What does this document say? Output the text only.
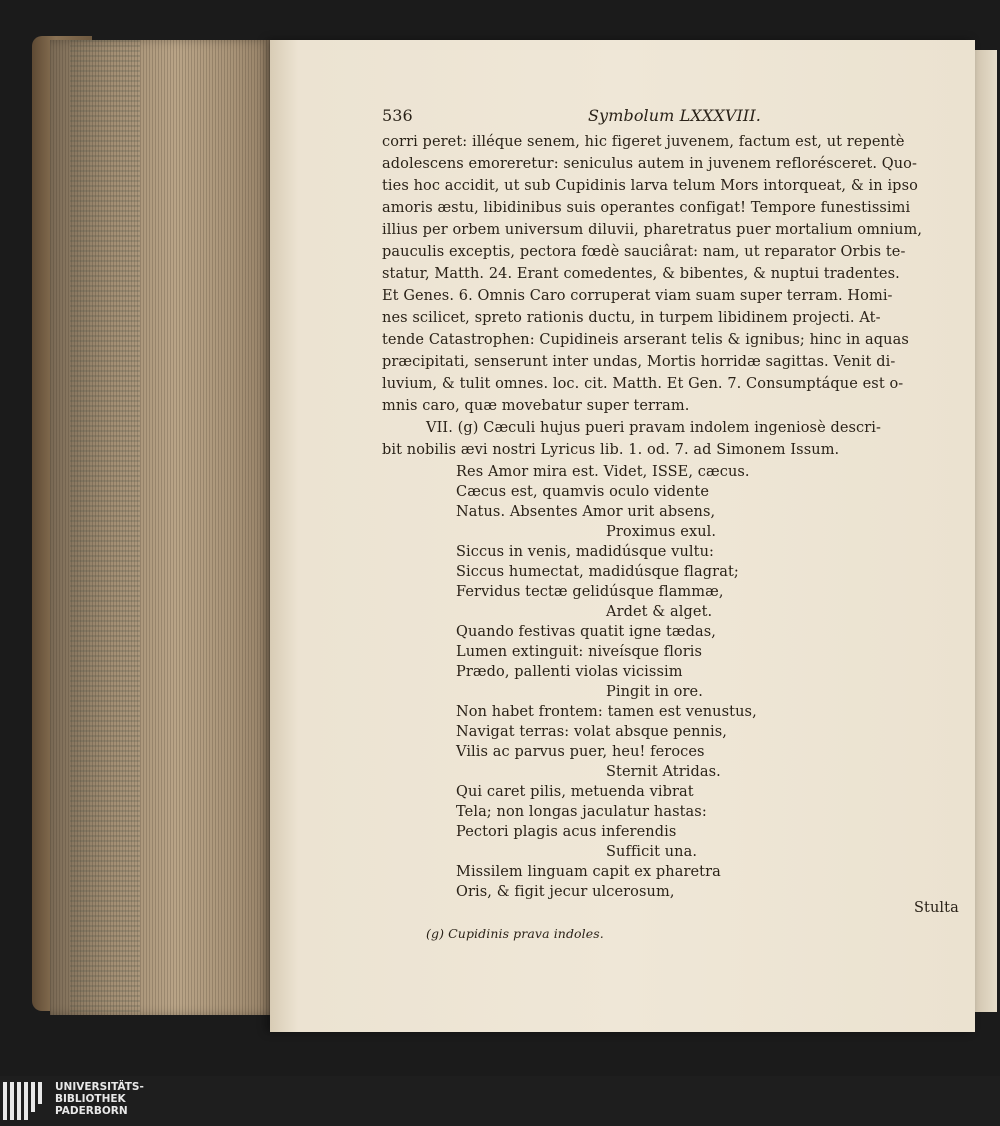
536	Symbolum LXXXVIII.
corri peret: illéque senem, hic figeret juvenem, factum est, ut repentè
adolescens emoreretur: seniculus autem in juvenem reflorésceret. Quo-
ties hoc accidit, ut sub Cupidinis larva telum Mors intorqueat, & in ipso
amoris æstu, libidinibus suis operantes configat! Tempore funestissimi
illius per orbem universum diluvii, pharetratus puer mortalium omnium,
pauculis exceptis, pectora fœdè sauciârat: nam, ut reparator Orbis te-
statur, Matth. 24. Erant comedentes, & bibentes, & nuptui tradentes.
Et Genes. 6. Omnis Caro corruperat viam suam super terram. Homi-
nes scilicet, spreto rationis ductu, in turpem libidinem projecti. At-
tende Catastrophen: Cupidineis arserant telis & ignibus; hinc in aquas
præcipitati, senserunt inter undas, Mortis horridæ sagittas. Venit di-
luvium, & tulit omnes. loc. cit. Matth. Et Gen. 7. Consumptáque est o-
mnis caro, quæ movebatur super terram.
VII. (g) Cæculi hujus pueri pravam indolem ingeniosè descri-
bit nobilis ævi nostri Lyricus lib. 1. od. 7. ad Simonem Issum.
Res Amor mira est. Videt, ISSE, cæcus.
Cæcus est, quamvis oculo vidente
Natus. Absentes Amor urit absens,
Proximus exul.
Siccus in venis, madidúsque vultu:
Siccus humectat, madidúsque flagrat;
Fervidus tectæ gelidúsque flammæ,
Ardet & alget.
Quando festivas quatit igne tædas,
Lumen extinguit: niveísque floris
Prædo, pallenti violas vicissim
Pingit in ore.
Non habet frontem: tamen est venustus,
Navigat terras: volat absque pennis,
Vilis ac parvus puer, heu! feroces
Sternit Atridas.
Qui caret pilis, metuenda vibrat
Tela; non longas jaculatur hastas:
Pectori plagis acus inferendis
Sufficit una.
Missilem linguam capit ex pharetra
Oris, & figit jecur ulcerosum,
Stulta
(g) Cupidinis prava indoles.
UNIVERSITÄTS-
BIBLIOTHEK
PADERBORN
